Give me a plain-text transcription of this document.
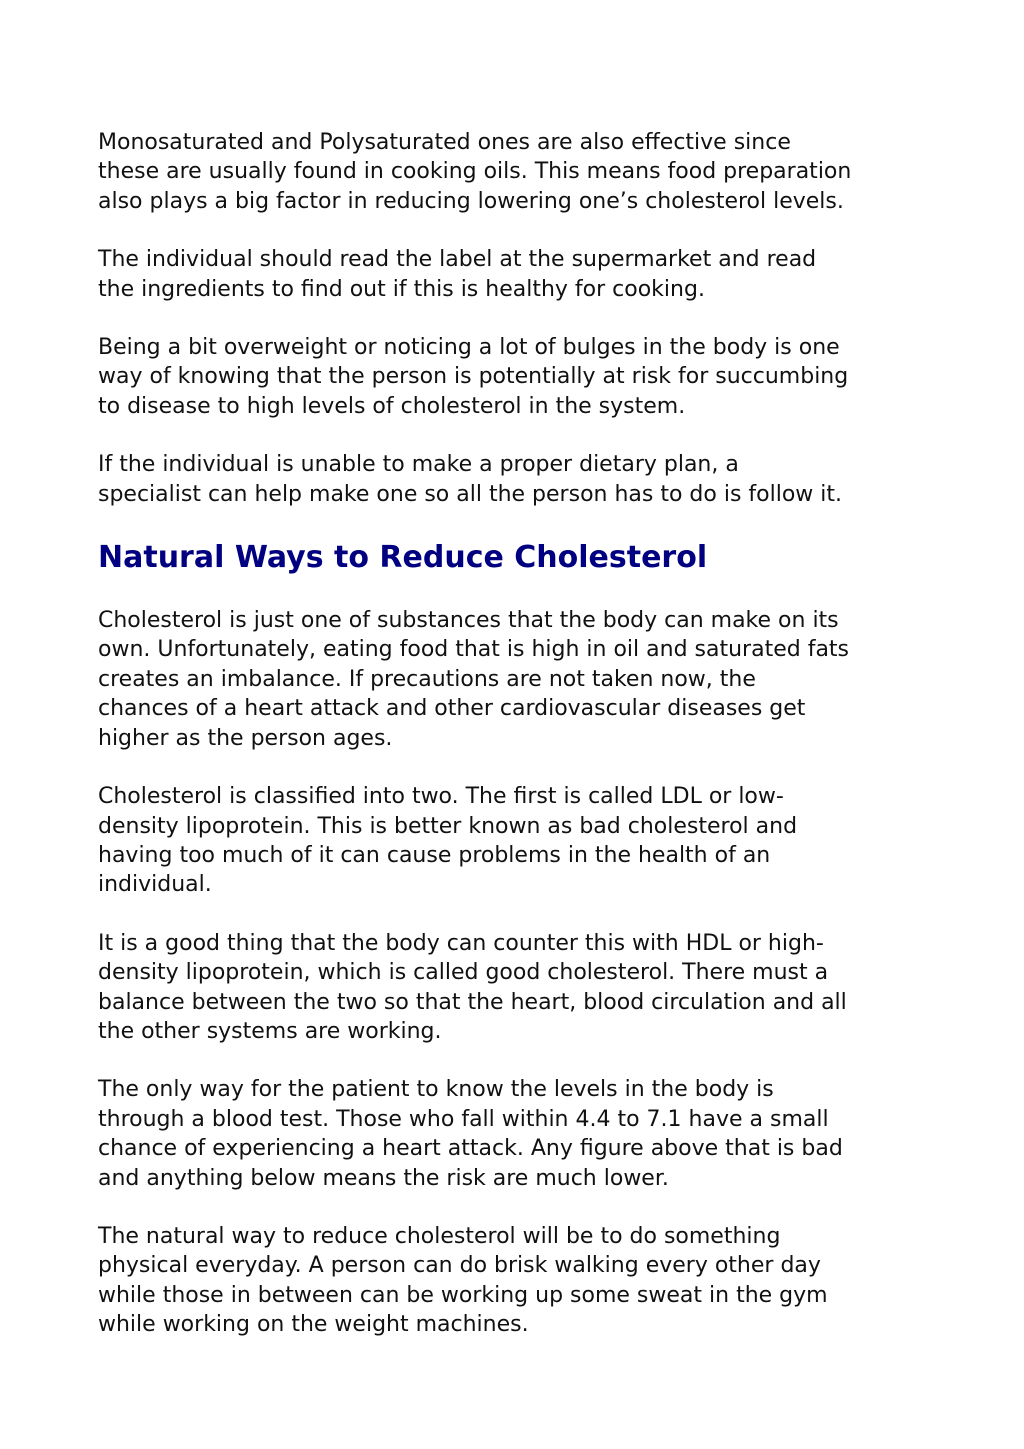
Monosaturated and Polysaturated ones are also effective since
these are usually found in cooking oils. This means food preparation
also plays a big factor in reducing lowering one’s cholesterol levels.

The individual should read the label at the supermarket and read
the ingredients to find out if this is healthy for cooking.

Being a bit overweight or noticing a lot of bulges in the body is one
way of knowing that the person is potentially at risk for succumbing
to disease to high levels of cholesterol in the system.

If the individual is unable to make a proper dietary plan, a
specialist can help make one so all the person has to do is follow it.

Natural Ways to Reduce Cholesterol

Cholesterol is just one of substances that the body can make on its
own. Unfortunately, eating food that is high in oil and saturated fats
creates an imbalance. If precautions are not taken now, the
chances of a heart attack and other cardiovascular diseases get
higher as the person ages.

Cholesterol is classified into two. The first is called LDL or low-
density lipoprotein. This is better known as bad cholesterol and
having too much of it can cause problems in the health of an
individual.

It is a good thing that the body can counter this with HDL or high-
density lipoprotein, which is called good cholesterol. There must a
balance between the two so that the heart, blood circulation and all
the other systems are working.

The only way for the patient to know the levels in the body is
through a blood test. Those who fall within 4.4 to 7.1 have a small
chance of experiencing a heart attack. Any figure above that is bad
and anything below means the risk are much lower.

The natural way to reduce cholesterol will be to do something
physical everyday. A person can do brisk walking every other day
while those in between can be working up some sweat in the gym
while working on the weight machines.
